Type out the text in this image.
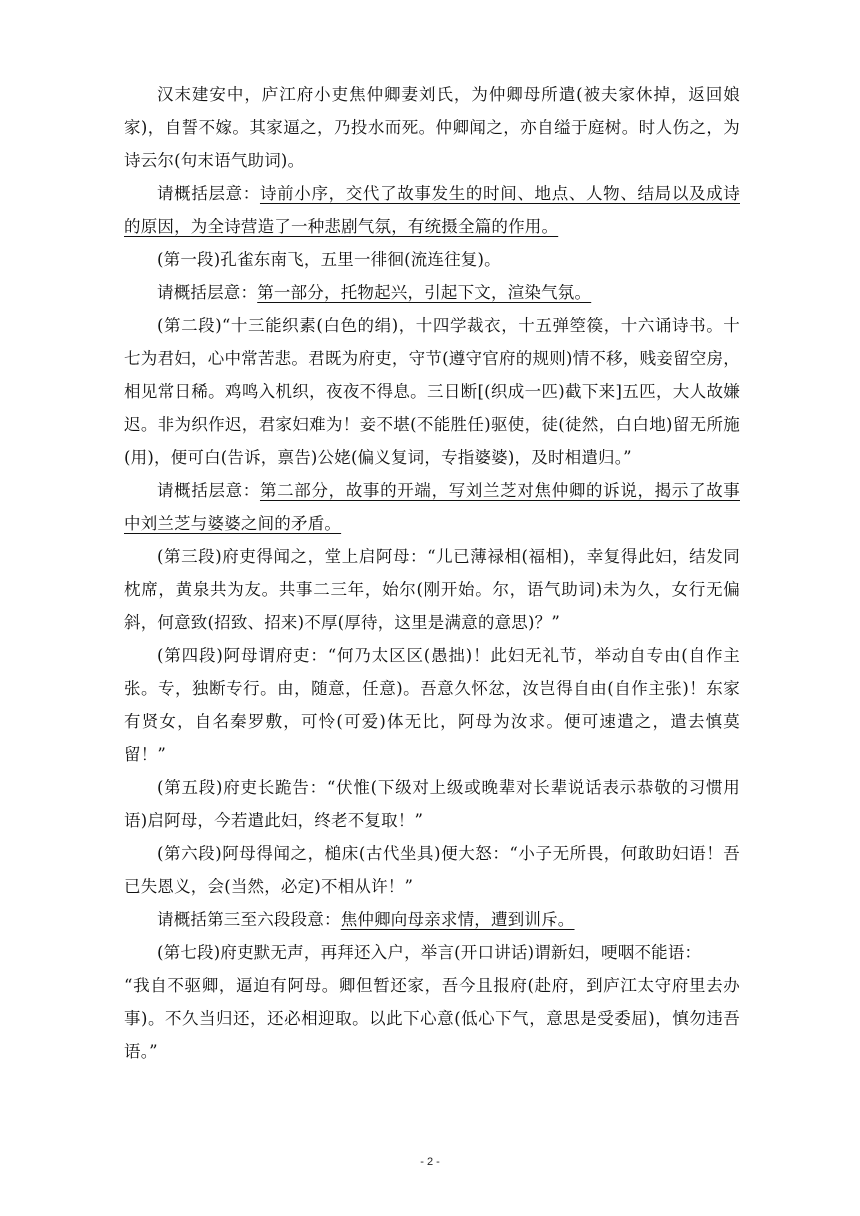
汉末建安中，庐江府小吏焦仲卿妻刘氏，为仲卿母所遣(被夫家休掉，返回娘家)，自誓不嫁。其家逼之，乃投水而死。仲卿闻之，亦自缢于庭树。时人伤之，为诗云尔(句末语气助词)。

请概括层意：诗前小序，交代了故事发生的时间、地点、人物、结局以及成诗的原因，为全诗营造了一种悲剧气氛，有统摄全篇的作用。

(第一段)孔雀东南飞，五里一徘徊(流连往复)。

请概括层意：第一部分，托物起兴，引起下文，渲染气氛。

(第二段)“十三能织素(白色的绢)，十四学裁衣，十五弹箜篌，十六诵诗书。十七为君妇，心中常苦悲。君既为府吏，守节(遵守官府的规则)情不移，贱妾留空房，相见常日稀。鸡鸣入机织，夜夜不得息。三日断[(织成一匹)截下来]五匹，大人故嫌迟。非为织作迟，君家妇难为！妾不堪(不能胜任)驱使，徒(徒然，白白地)留无所施(用)，便可白(告诉，禀告)公姥(偏义复词，专指婆婆)，及时相遣归。”

请概括层意：第二部分，故事的开端，写刘兰芝对焦仲卿的诉说，揭示了故事中刘兰芝与婆婆之间的矛盾。

(第三段)府吏得闻之，堂上启阿母：“儿已薄禄相(福相)，幸复得此妇，结发同枕席，黄泉共为友。共事二三年，始尔(刚开始。尔，语气助词)未为久，女行无偏斜，何意致(招致、招来)不厚(厚待，这里是满意的意思)？”

(第四段)阿母谓府吏：“何乃太区区(愚拙)！此妇无礼节，举动自专由(自作主张。专，独断专行。由，随意，任意)。吾意久怀忿，汝岂得自由(自作主张)！东家有贤女，自名秦罗敷，可怜(可爱)体无比，阿母为汝求。便可速遣之，遣去慎莫留！”

(第五段)府吏长跪告：“伏惟(下级对上级或晚辈对长辈说话表示恭敬的习惯用语)启阿母，今若遣此妇，终老不复取！”

(第六段)阿母得闻之，槌床(古代坐具)便大怒：“小子无所畏，何敢助妇语！吾已失恩义，会(当然，必定)不相从许！”

请概括第三至六段段意：焦仲卿向母亲求情，遭到训斥。

(第七段)府吏默无声，再拜还入户，举言(开口讲话)谓新妇，哽咽不能语：

“我自不驱卿，逼迫有阿母。卿但暂还家，吾今且报府(赴府，到庐江太守府里去办事)。不久当归还，还必相迎取。以此下心意(低心下气，意思是受委屈)，慎勿违吾语。”

- 2 -
